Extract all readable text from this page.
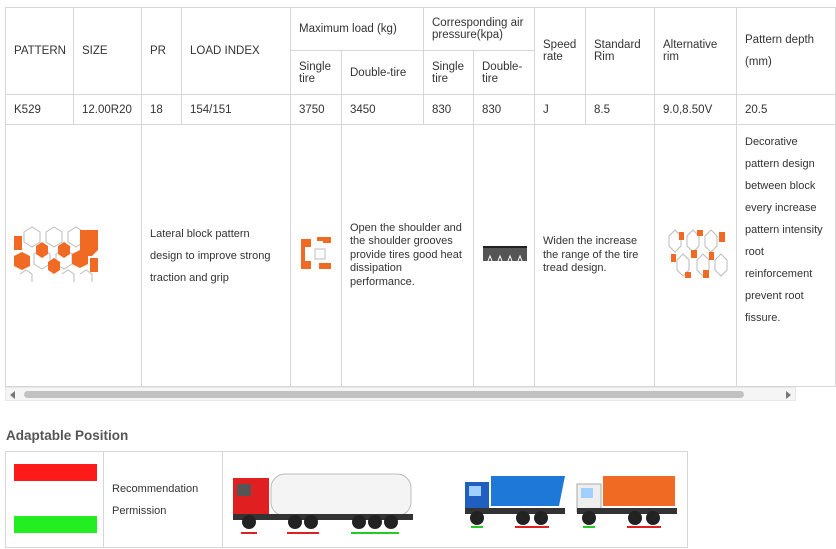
PATTERN	SIZE	PR	LOAD INDEX	Maximum load (kg)		Corresponding air pressure(kpa)		Speed rate	Standard Rim	Alternative rim	Pattern depth (mm)
				Single tire	Double-tire	Single tire	Double-tire				
K529	12.00R20	18	154/151	3750	3450	830	830	J	8.5	9.0,8.50V	20.5
	Lateral block pattern design to improve strong traction and grip			Open the shoulder and the shoulder grooves provide tires good heat dissipation performance.			Widen the increase the range of the tire tread design.			Decorative pattern design between block every increase pattern intensity root reinforcement prevent root fissure.
Adaptable Position

Recommendation
Permission
